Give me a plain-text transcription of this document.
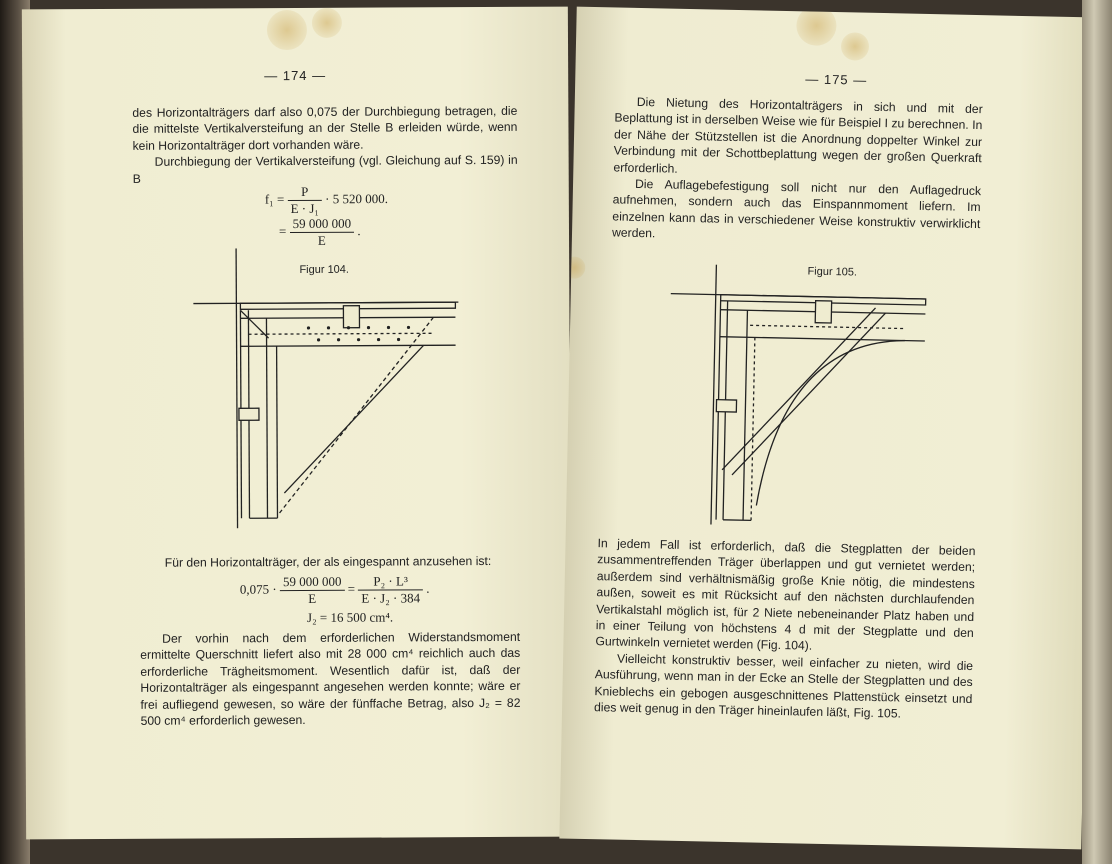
— 174 —

des Horizontalträgers darf also 0,075 der Durchbiegung betragen, die die mittelste Vertikalversteifung an der Stelle B erleiden würde, wenn kein Horizontalträger dort vorhanden wäre.

Durchbiegung der Vertikalversteifung (vgl. Gleichung auf S. 159) in B

$f_1 = \frac{P}{\text{E · J₁}} \cdot 5$ 520 000.
= $\frac{59 000 000}{E}$ .
Figur 104.

Für den Horizontalträger, der als eingespannt anzusehen ist:

$0,075 \cdot \frac{59 000 000}{E} = \frac{\text{P₂ · L³}}{\text{E · J₂ · 384}}$ .
J₂ = 16 500 cm⁴.

Der vorhin nach dem erforderlichen Widerstandsmoment ermittelte Querschnitt liefert also mit 28 000 cm⁴ reichlich auch das erforderliche Trägheitsmoment. Wesentlich dafür ist, daß der Horizontalträger als eingespannt angesehen werden konnte; wäre er frei aufliegend gewesen, so wäre der fünffache Betrag, also J₂ = 82 500 cm⁴ erforderlich gewesen.

— 175 —

Die Nietung des Horizontalträgers in sich und mit der Beplattung ist in derselben Weise wie für Beispiel I zu berechnen. In der Nähe der Stützstellen ist die Anordnung doppelter Winkel zur Verbindung mit der Schottbeplattung wegen der großen Querkraft erforderlich.

Die Auflagebefestigung soll nicht nur den Auflagedruck aufnehmen, sondern auch das Einspannmoment liefern. Im einzelnen kann das in verschiedener Weise konstruktiv verwirklicht werden.

Figur 105.

In jedem Fall ist erforderlich, daß die Stegplatten der beiden zusammentreffenden Träger überlappen und gut vernietet werden; außerdem sind verhältnismäßig große Knie nötig, die mindestens außen, soweit es mit Rücksicht auf den nächsten durchlaufenden Vertikalstahl möglich ist, für 2 Niete nebeneinander Platz haben und in einer Teilung von höchstens 4 d mit der Stegplatte und den Gurtwinkeln vernietet werden (Fig. 104).

Vielleicht konstruktiv besser, weil einfacher zu nieten, wird die Ausführung, wenn man in der Ecke an Stelle der Stegplatten und des Knieblechs ein gebogen ausgeschnittenes Plattenstück einsetzt und dies weit genug in den Träger hineinlaufen läßt, Fig. 105.
